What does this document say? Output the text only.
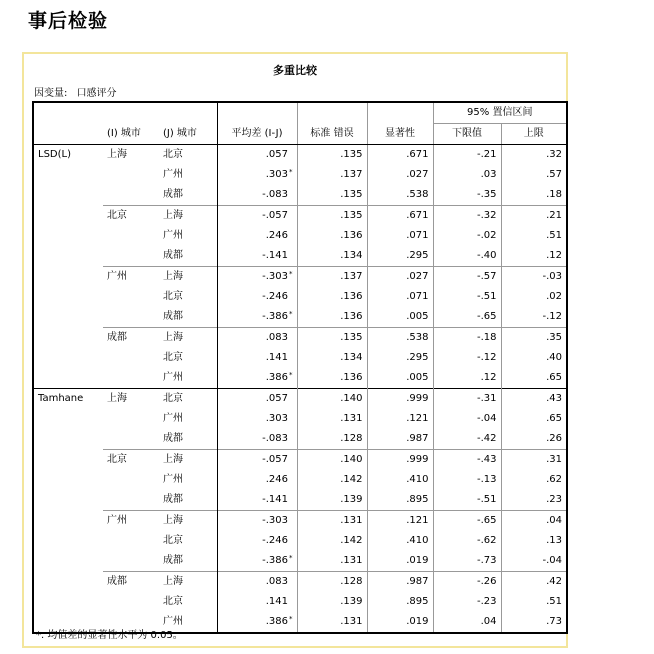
事后检验
多重比较
因变量: 口感评分
	(I) 城市	(J) 城市	平均差 (I-J)	标准 错误	显著性	95% 置信区间	
						下限值	上限
LSD(L)	上海	北京	.057	.135	.671	-.21	.32
		广州	.303*	.137	.027	.03	.57
		成都	-.083	.135	.538	-.35	.18
	北京	上海	-.057	.135	.671	-.32	.21
		广州	.246	.136	.071	-.02	.51
		成都	-.141	.134	.295	-.40	.12
	广州	上海	-.303*	.137	.027	-.57	-.03
		北京	-.246	.136	.071	-.51	.02
		成都	-.386*	.136	.005	-.65	-.12
	成都	上海	.083	.135	.538	-.18	.35
		北京	.141	.134	.295	-.12	.40
		广州	.386*	.136	.005	.12	.65
Tamhane	上海	北京	.057	.140	.999	-.31	.43
		广州	.303	.131	.121	-.04	.65
		成都	-.083	.128	.987	-.42	.26
	北京	上海	-.057	.140	.999	-.43	.31
		广州	.246	.142	.410	-.13	.62
		成都	-.141	.139	.895	-.51	.23
	广州	上海	-.303	.131	.121	-.65	.04
		北京	-.246	.142	.410	-.62	.13
		成都	-.386*	.131	.019	-.73	-.04
	成都	上海	.083	.128	.987	-.26	.42
		北京	.141	.139	.895	-.23	.51
		广州	.386*	.131	.019	.04	.73
*. 均值差的显著性水平为 0.05。
